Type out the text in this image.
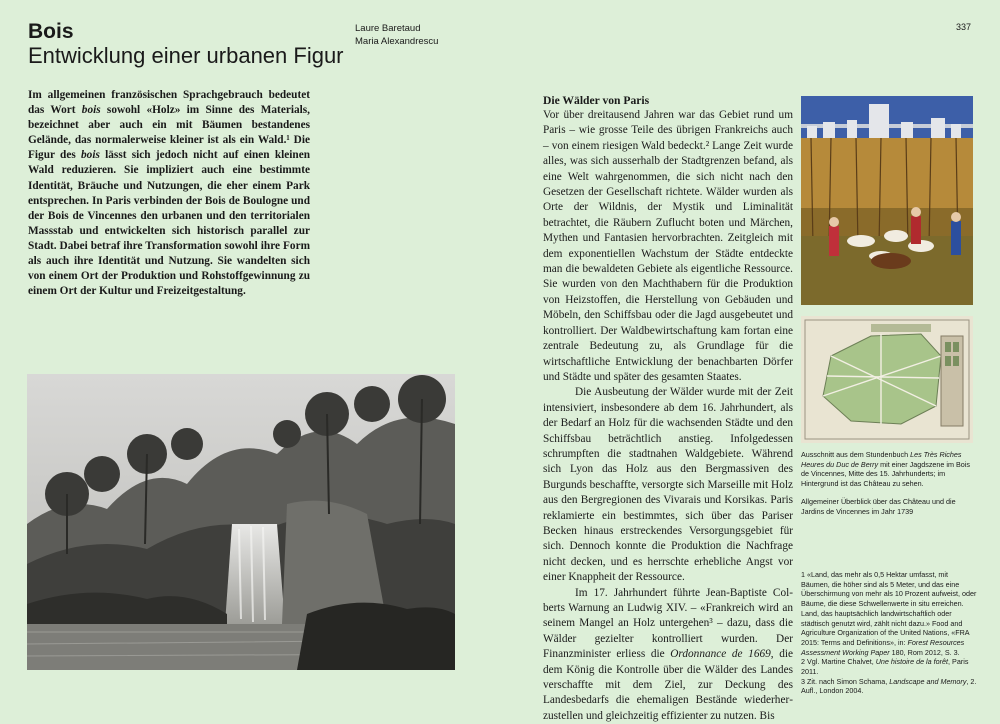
Bois
Entwicklung einer urbanen Figur
Laure Baretaud
Maria Alexandrescu
337

Im allgemeinen französischen Sprachgebrauch bedeutet das Wort bois sowohl «Holz» im Sinne des Materials, bezeichnet aber auch ein mit Bäumen bestandenes Gelände, das normalerweise kleiner ist als ein Wald.¹ Die Figur des bois lässt sich jedoch nicht auf einen kleinen Wald reduzieren. Sie impliziert auch eine bestimmte Identität, Bräuche und Nutzungen, die eher einem Park entsprechen. In Paris verbinden der Bois de Boulogne und der Bois de Vincennes den urbanen und den territorialen Massstab und entwickelten sich historisch parallel zur Stadt. Dabei betraf ihre Transformation sowohl ihre Form als auch ihre Identität und Nutzung. Sie wandelten sich von einem Ort der Produktion und Rohstoffgewinnung zu einem Ort der Kultur und Freizeitgestaltung.

Die Wälder von Paris

Vor über dreitausend Jahren war das Gebiet rund um Paris – wie grosse Teile des übrigen Frankreichs auch – von einem riesigen Wald bedeckt.² Lange Zeit wurde alles, was sich ausserhalb der Stadtgrenzen befand, als eine Welt wahrgenommen, die sich nicht nach den Gesetzen der Gesellschaft richtete. Wälder wurden als Orte der Wildnis, der Mystik und Liminalität betrachtet, die Räubern Zuflucht boten und Märchen, Mythen und Fantasien hervorbrachten. Zeitgleich mit dem exponentiellen Wachstum der Städte entdeckte man die bewaldeten Gebiete als eigentliche Ressource. Sie wurden von den Machthabern für die Produktion von Heizstoffen, die Herstellung von Gebäuden und Möbeln, den Schiffsbau oder die Jagd ausgebeutet und kontrolliert. Der Waldbewirtschaftung kam fortan eine zentrale Bedeutung zu, als Grundlage für die wirtschaftliche Entwicklung der benachbarten Dörfer und Städte und später des gesamten Staates.

Die Ausbeutung der Wälder wurde mit der Zeit intensiviert, insbesondere ab dem 16. Jahrhundert, als der Bedarf an Holz für die wachsenden Städte und den Schiffsbau beträchtlich anstieg. Infolgedessen schrumpften die stadtnahen Waldgebiete. Während sich Lyon das Holz aus den Bergmassiven des Burgunds beschaffte, versorgte sich Marseille mit Holz aus den Bergregionen des Vivarais und Korsikas. Paris reklamierte ein bestimmtes, sich über das Pariser Becken hinaus erstreckendes Versorgungsgebiet für sich. Dennoch konnte die Produktion die Nachfrage nicht decken, und es herrschte erhebliche Angst vor einer Knappheit der Ressource.

Im 17. Jahrhundert führte Jean-Baptiste Colberts Warnung an Ludwig XIV. – «Frankreich wird an seinem Mangel an Holz untergehen³ – dazu, dass die Wälder gezielter kontrolliert wurden. Der Finanzminister erliess die Ordonnance de 1669, die dem König die Kontrolle über die Wälder des Landes verschaffte mit dem Ziel, zur Deckung des Landesbedarfs die ehemaligen Bestände wiederherzustellen und gleichzeitig effizienter zu nutzen. Bis

Ausschnitt aus dem Stundenbuch Les Très Riches Heures du Duc de Berry mit einer Jagdszene im Bois de Vincennes, Mitte des 15. Jahrhunderts; im Hintergrund ist das Château zu sehen.

Allgemeiner Überblick über das Château und die Jardins de Vincennes im Jahr 1739

1 «Land, das mehr als 0,5 Hektar umfasst, mit Bäumen, die höher sind als 5 Meter, und das eine Überschirmung von mehr als 10 Prozent aufweist, oder Bäume, die diese Schwellenwerte in situ erreichen. Land, das hauptsächlich landwirtschaftlich oder städtisch genutzt wird, zählt nicht dazu.» Food and Agriculture Organization of the United Nations, «FRA 2015: Terms and Definitions», in: Forest Resources Assessment Working Paper 180, Rom 2012, S. 3.

2 Vgl. Martine Chalvet, Une histoire de la forêt, Paris 2011.

3 Zit. nach Simon Schama, Landscape and Memory, 2. Aufl., London 2004.
